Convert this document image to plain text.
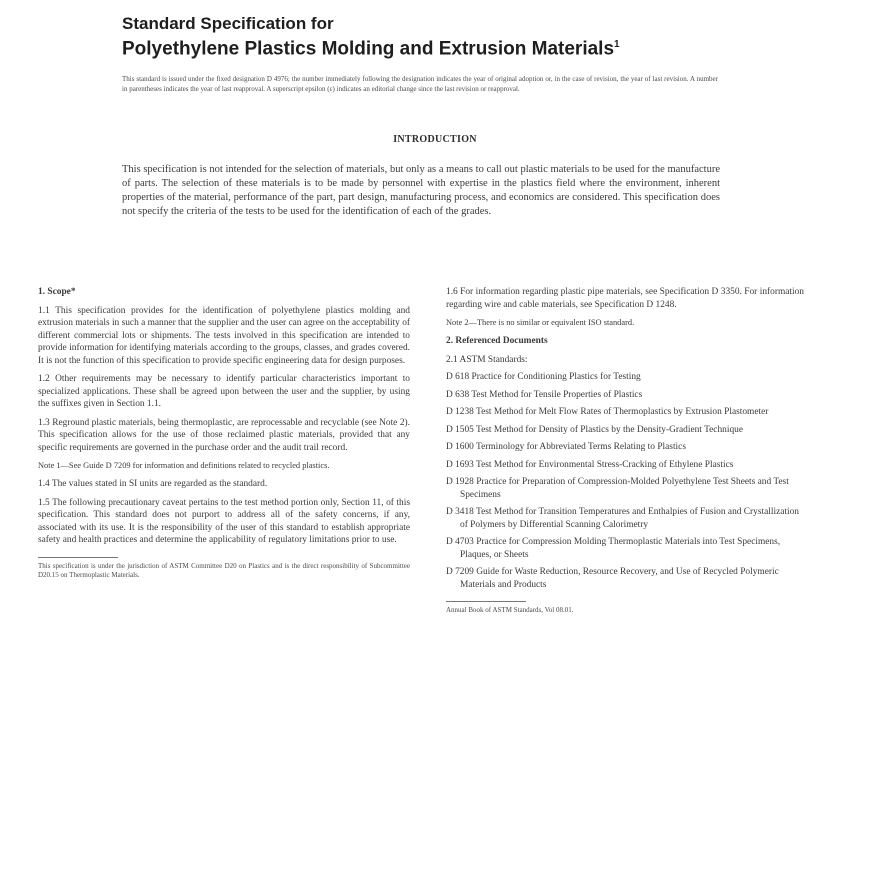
Standard Specification for
Polyethylene Plastics Molding and Extrusion Materials$^1$
This standard is issued under the fixed designation D 4976; the number immediately following the designation indicates the year of original adoption or, in the case of revision, the year of last revision. A number in parentheses indicates the year of last reapproval. A superscript epsilon (ε) indicates an editorial change since the last revision or reapproval.
INTRODUCTION
This specification is not intended for the selection of materials, but only as a means to call out plastic materials to be used for the manufacture of parts. The selection of these materials is to be made by personnel with expertise in the plastics field where the environment, inherent properties of the material, performance of the part, part design, manufacturing process, and economics are considered. This specification does not specify the criteria of the tests to be used for the identification of each of the grades.
1. Scope*

1.1 This specification provides for the identification of polyethylene plastics molding and extrusion materials in such a manner that the supplier and the user can agree on the acceptability of different commercial lots or shipments. The tests involved in this specification are intended to provide information for identifying materials according to the groups, classes, and grades covered. It is not the function of this specification to provide specific engineering data for design purposes.

1.2 Other requirements may be necessary to identify particular characteristics important to specialized applications. These shall be agreed upon between the user and the supplier, by using the suffixes given in Section 1.1.

1.3 Reground plastic materials, being thermoplastic, are reprocessable and recyclable (see Note 2). This specification allows for the use of those reclaimed plastic materials, provided that any specific requirements are governed in the purchase order and the audit trail record.

Note 1—See Guide D 7209 for information and definitions related to recycled plastics.

1.4 The values stated in SI units are regarded as the standard.

1.5 The following precautionary caveat pertains to the test method portion only, Section 11, of this specification. This standard does not purport to address all of the safety concerns, if any, associated with its use. It is the responsibility of the user of this standard to establish appropriate safety and health practices and determine the applicability of regulatory limitations prior to use.

This specification is under the jurisdiction of ASTM Committee D20 on Plastics and is the direct responsibility of Subcommittee D20.15 on Thermoplastic Materials.

1.6 For information regarding plastic pipe materials, see Specification D 3350. For information regarding wire and cable materials, see Specification D 1248.

Note 2—There is no similar or equivalent ISO standard.
2. Referenced Documents

2.1 ASTM Standards:

D 618 Practice for Conditioning Plastics for Testing

D 638 Test Method for Tensile Properties of Plastics

D 1238 Test Method for Melt Flow Rates of Thermoplastics by Extrusion Plastometer

D 1505 Test Method for Density of Plastics by the Density-Gradient Technique

D 1600 Terminology for Abbreviated Terms Relating to Plastics

D 1693 Test Method for Environmental Stress-Cracking of Ethylene Plastics

D 1928 Practice for Preparation of Compression-Molded Polyethylene Test Sheets and Test Specimens

D 3418 Test Method for Transition Temperatures and Enthalpies of Fusion and Crystallization of Polymers by Differential Scanning Calorimetry

D 4703 Practice for Compression Molding Thermoplastic Materials into Test Specimens, Plaques, or Sheets

D 7209 Guide for Waste Reduction, Resource Recovery, and Use of Recycled Polymeric Materials and Products

Annual Book of ASTM Standards, Vol 08.01.
